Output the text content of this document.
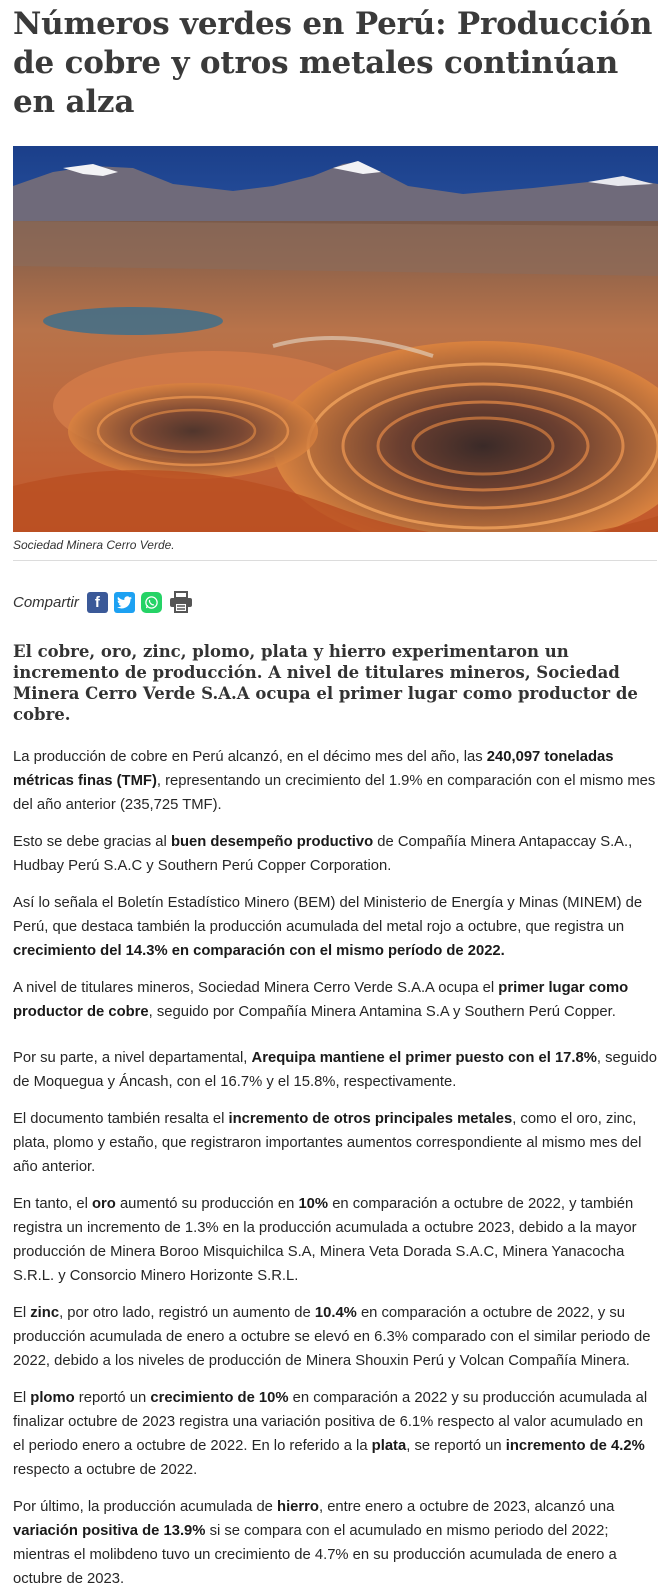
Números verdes en Perú: Producción de cobre y otros metales continúan en alza
Sociedad Minera Cerro Verde.
Compartir	f
El cobre, oro, zinc, plomo, plata y hierro experimentaron un incremento de producción. A nivel de titulares mineros, Sociedad Minera Cerro Verde S.A.A ocupa el primer lugar como productor de cobre.

La producción de cobre en Perú alcanzó, en el décimo mes del año, las 240,097 toneladas métricas finas (TMF), representando un crecimiento del 1.9% en comparación con el mismo mes del año anterior (235,725 TMF).

Esto se debe gracias al buen desempeño productivo de Compañía Minera Antapaccay S.A., Hudbay Perú S.A.C y Southern Perú Copper Corporation.

Así lo señala el Boletín Estadístico Minero (BEM) del Ministerio de Energía y Minas (MINEM) de Perú, que destaca también la producción acumulada del metal rojo a octubre, que registra un crecimiento del 14.3% en comparación con el mismo período de 2022.

A nivel de titulares mineros, Sociedad Minera Cerro Verde S.A.A ocupa el primer lugar como productor de cobre, seguido por Compañía Minera Antamina S.A y Southern Perú Copper.

Por su parte, a nivel departamental, Arequipa mantiene el primer puesto con el 17.8%, seguido de Moquegua y Áncash, con el 16.7% y el 15.8%, respectivamente.

El documento también resalta el incremento de otros principales metales, como el oro, zinc, plata, plomo y estaño, que registraron importantes aumentos correspondiente al mismo mes del año anterior.

En tanto, el oro aumentó su producción en 10% en comparación a octubre de 2022, y también registra un incremento de 1.3% en la producción acumulada a octubre 2023, debido a la mayor producción de Minera Boroo Misquichilca S.A, Minera Veta Dorada S.A.C, Minera Yanacocha S.R.L. y Consorcio Minero Horizonte S.R.L.

El zinc, por otro lado, registró un aumento de 10.4% en comparación a octubre de 2022, y su producción acumulada de enero a octubre se elevó en 6.3% comparado con el similar periodo de 2022, debido a los niveles de producción de Minera Shouxin Perú y Volcan Compañía Minera.

El plomo reportó un crecimiento de 10% en comparación a 2022 y su producción acumulada al finalizar octubre de 2023 registra una variación positiva de 6.1% respecto al valor acumulado en el periodo enero a octubre de 2022. En lo referido a la plata, se reportó un incremento de 4.2% respecto a octubre de 2022.

Por último, la producción acumulada de hierro, entre enero a octubre de 2023, alcanzó una variación positiva de 13.9% si se compara con el acumulado en mismo periodo del 2022; mientras el molibdeno tuvo un crecimiento de 4.7% en su producción acumulada de enero a octubre de 2023.
